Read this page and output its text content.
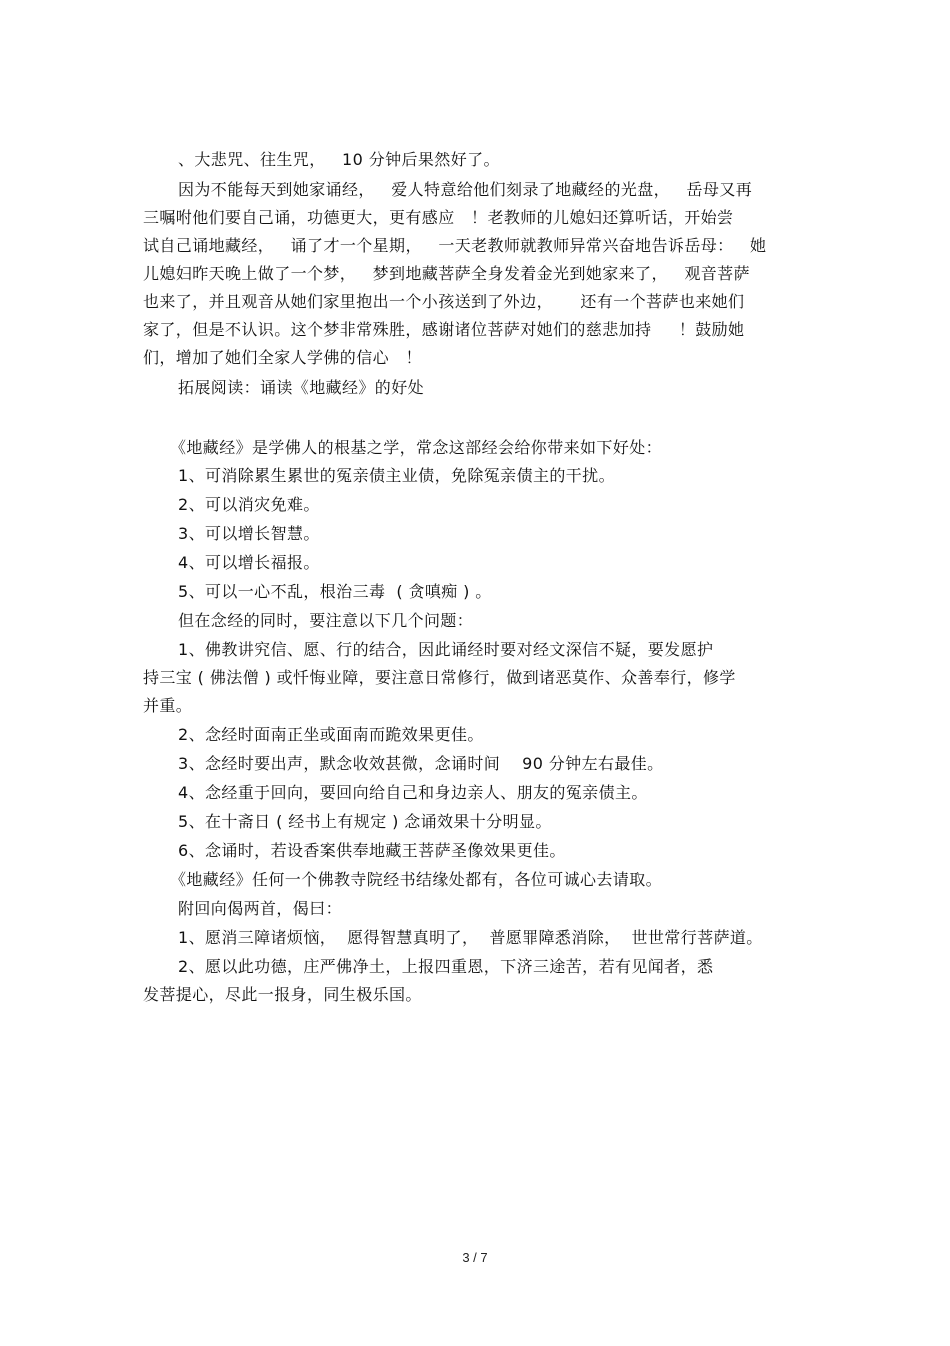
、大悲咒、往生咒，   10 分钟后果然好了。
因为不能每天到她家诵经，   爱人特意给他们刻录了地藏经的光盘，   岳母又再
三嘱咐他们要自己诵，功德更大，更有感应   ！老教师的儿媳妇还算听话，开始尝
试自己诵地藏经，   诵了才一个星期，   一天老教师就教师异常兴奋地告诉岳母：   她
儿媳妇昨天晚上做了一个梦，   梦到地藏菩萨全身发着金光到她家来了，   观音菩萨
也来了，并且观音从她们家里抱出一个小孩送到了外边，     还有一个菩萨也来她们
家了，但是不认识。这个梦非常殊胜，感谢诸位菩萨对她们的慈悲加持     ！鼓励她
们，增加了她们全家人学佛的信心   ！
拓展阅读：诵读《地藏经》的好处
《地藏经》是学佛人的根基之学，常念这部经会给你带来如下好处：
1、可消除累生累世的冤亲债主业债，免除冤亲债主的干扰。
2、可以消灾免难。
3、可以增长智慧。
4、可以增长福报。
5、可以一心不乱，根治三毒  ( 贪嗔痴 ) 。
但在念经的同时，要注意以下几个问题：
1、佛教讲究信、愿、行的结合，因此诵经时要对经文深信不疑，要发愿护
持三宝 ( 佛法僧 ) 或忏悔业障，要注意日常修行，做到诸恶莫作、众善奉行，修学
并重。
2、念经时面南正坐或面南而跪效果更佳。
3、念经时要出声，默念收效甚微，念诵时间    90 分钟左右最佳。
4、念经重于回向，要回向给自己和身边亲人、朋友的冤亲债主。
5、在十斋日 ( 经书上有规定 ) 念诵效果十分明显。
6、念诵时，若设香案供奉地藏王菩萨圣像效果更佳。
《地藏经》任何一个佛教寺院经书结缘处都有，各位可诚心去请取。
附回向偈两首，偈曰：
1、愿消三障诸烦恼，  愿得智慧真明了，  普愿罪障悉消除，  世世常行菩萨道。
2、愿以此功德，庄严佛净土，上报四重恩，下济三途苦，若有见闻者，悉
发菩提心，尽此一报身，同生极乐国。
3 / 7
